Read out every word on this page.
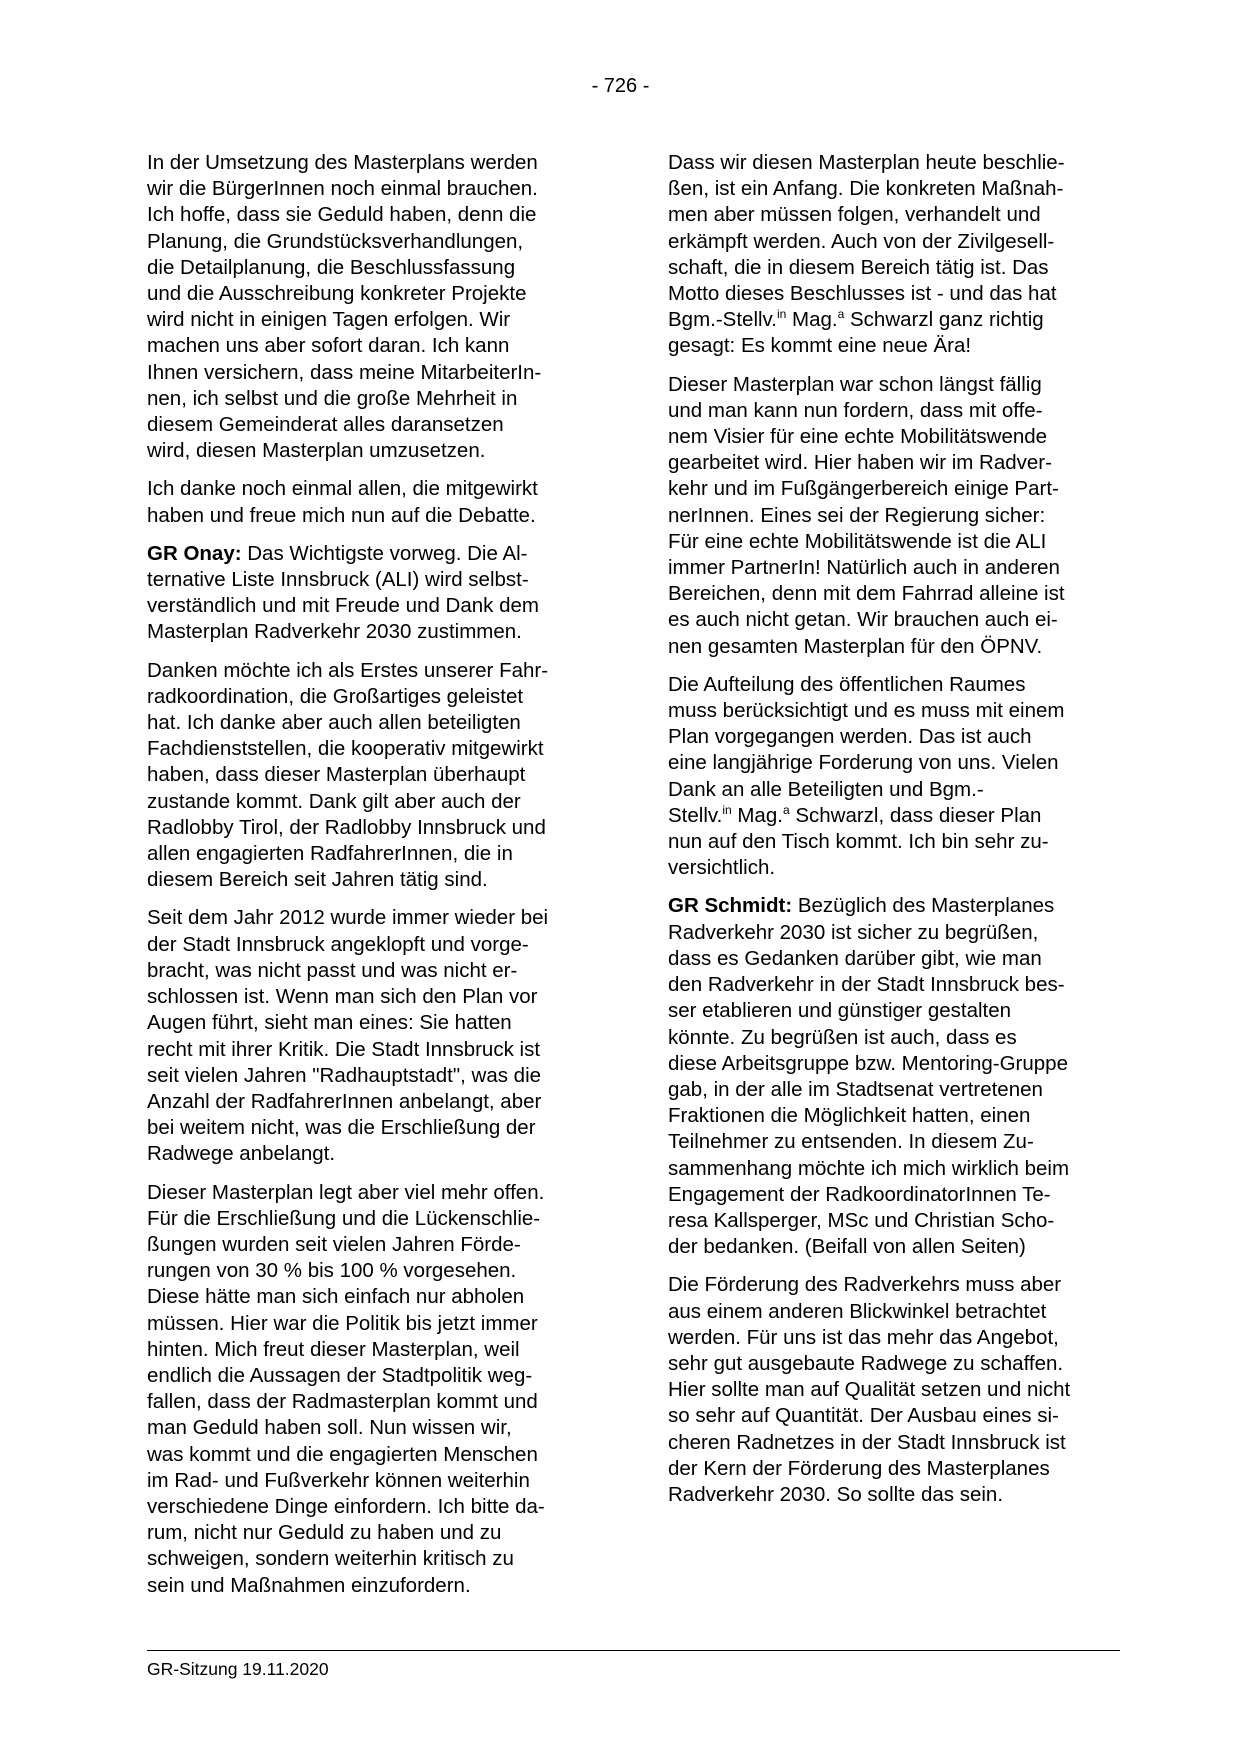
- 726 -
In der Umsetzung des Masterplans werden
wir die BürgerInnen noch einmal brauchen.
Ich hoffe, dass sie Geduld haben, denn die
Planung, die Grundstücksverhandlungen,
die Detailplanung, die Beschlussfassung
und die Ausschreibung konkreter Projekte
wird nicht in einigen Tagen erfolgen. Wir
machen uns aber sofort daran. Ich kann
Ihnen versichern, dass meine MitarbeiterIn-
nen, ich selbst und die große Mehrheit in
diesem Gemeinderat alles daransetzen
wird, diesen Masterplan umzusetzen.
Ich danke noch einmal allen, die mitgewirkt
haben und freue mich nun auf die Debatte.
GR Onay: Das Wichtigste vorweg. Die Al-
ternative Liste Innsbruck (ALI) wird selbst-
verständlich und mit Freude und Dank dem
Masterplan Radverkehr 2030 zustimmen.
Danken möchte ich als Erstes unserer Fahr-
radkoordination, die Großartiges geleistet
hat. Ich danke aber auch allen beteiligten
Fachdienststellen, die kooperativ mitgewirkt
haben, dass dieser Masterplan überhaupt
zustande kommt. Dank gilt aber auch der
Radlobby Tirol, der Radlobby Innsbruck und
allen engagierten RadfahrerInnen, die in
diesem Bereich seit Jahren tätig sind.
Seit dem Jahr 2012 wurde immer wieder bei
der Stadt Innsbruck angeklopft und vorge-
bracht, was nicht passt und was nicht er-
schlossen ist. Wenn man sich den Plan vor
Augen führt, sieht man eines: Sie hatten
recht mit ihrer Kritik. Die Stadt Innsbruck ist
seit vielen Jahren "Radhauptstadt", was die
Anzahl der RadfahrerInnen anbelangt, aber
bei weitem nicht, was die Erschließung der
Radwege anbelangt.
Dieser Masterplan legt aber viel mehr offen.
Für die Erschließung und die Lückenschlie-
ßungen wurden seit vielen Jahren Förde-
rungen von 30 % bis 100 % vorgesehen.
Diese hätte man sich einfach nur abholen
müssen. Hier war die Politik bis jetzt immer
hinten. Mich freut dieser Masterplan, weil
endlich die Aussagen der Stadtpolitik weg-
fallen, dass der Radmasterplan kommt und
man Geduld haben soll. Nun wissen wir,
was kommt und die engagierten Menschen
im Rad- und Fußverkehr können weiterhin
verschiedene Dinge einfordern. Ich bitte da-
rum, nicht nur Geduld zu haben und zu
schweigen, sondern weiterhin kritisch zu
sein und Maßnahmen einzufordern.
Dass wir diesen Masterplan heute beschlie-
ßen, ist ein Anfang. Die konkreten Maßnah-
men aber müssen folgen, verhandelt und
erkämpft werden. Auch von der Zivilgesell-
schaft, die in diesem Bereich tätig ist. Das
Motto dieses Beschlusses ist - und das hat
Bgm.-Stellv.$^{in}$ Mag.$^a$ Schwarzl ganz richtig
gesagt: Es kommt eine neue Ära!
Dieser Masterplan war schon längst fällig
und man kann nun fordern, dass mit offe-
nem Visier für eine echte Mobilitätswende
gearbeitet wird. Hier haben wir im Radver-
kehr und im Fußgängerbereich einige Part-
nerInnen. Eines sei der Regierung sicher:
Für eine echte Mobilitätswende ist die ALI
immer PartnerIn! Natürlich auch in anderen
Bereichen, denn mit dem Fahrrad alleine ist
es auch nicht getan. Wir brauchen auch ei-
nen gesamten Masterplan für den ÖPNV.
Die Aufteilung des öffentlichen Raumes
muss berücksichtigt und es muss mit einem
Plan vorgegangen werden. Das ist auch
eine langjährige Forderung von uns. Vielen
Dank an alle Beteiligten und Bgm.-
Stellv.$^{in}$ Mag.$^a$ Schwarzl, dass dieser Plan
nun auf den Tisch kommt. Ich bin sehr zu-
versichtlich.
GR Schmidt: Bezüglich des Masterplanes
Radverkehr 2030 ist sicher zu begrüßen,
dass es Gedanken darüber gibt, wie man
den Radverkehr in der Stadt Innsbruck bes-
ser etablieren und günstiger gestalten
könnte. Zu begrüßen ist auch, dass es
diese Arbeitsgruppe bzw. Mentoring-Gruppe
gab, in der alle im Stadtsenat vertretenen
Fraktionen die Möglichkeit hatten, einen
Teilnehmer zu entsenden. In diesem Zu-
sammenhang möchte ich mich wirklich beim
Engagement der RadkoordinatorInnen Te-
resa Kallsperger, MSc und Christian Scho-
der bedanken. (Beifall von allen Seiten)
Die Förderung des Radverkehrs muss aber
aus einem anderen Blickwinkel betrachtet
werden. Für uns ist das mehr das Angebot,
sehr gut ausgebaute Radwege zu schaffen.
Hier sollte man auf Qualität setzen und nicht
so sehr auf Quantität. Der Ausbau eines si-
cheren Radnetzes in der Stadt Innsbruck ist
der Kern der Förderung des Masterplanes
Radverkehr 2030. So sollte das sein.
GR-Sitzung 19.11.2020
